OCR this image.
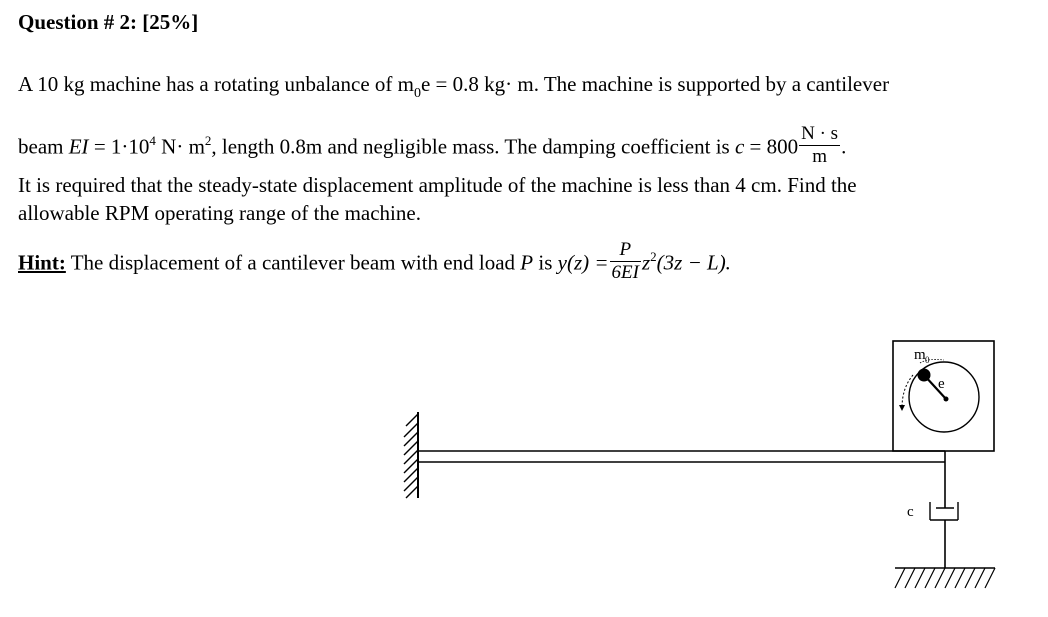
Question # 2: [25%]
A 10 kg machine has a rotating unbalance of $m_0e = 0.8$ kg· m. The machine is supported by a cantilever
beam EI = $1\cdot 10^4$ $N\cdot m^2$, length 0.8m and negligible mass. The damping coefficient is $c = 800 \frac{N \cdot s}{m}$ .
It is required that the steady-state displacement amplitude of the machine is less than 4 cm. Find the
allowable RPM operating range of the machine.
Hint: The displacement of a cantilever beam with end load P is $y(z) = \frac{P}{6EI} z^2(3z - L)$.
m 0
e
c
